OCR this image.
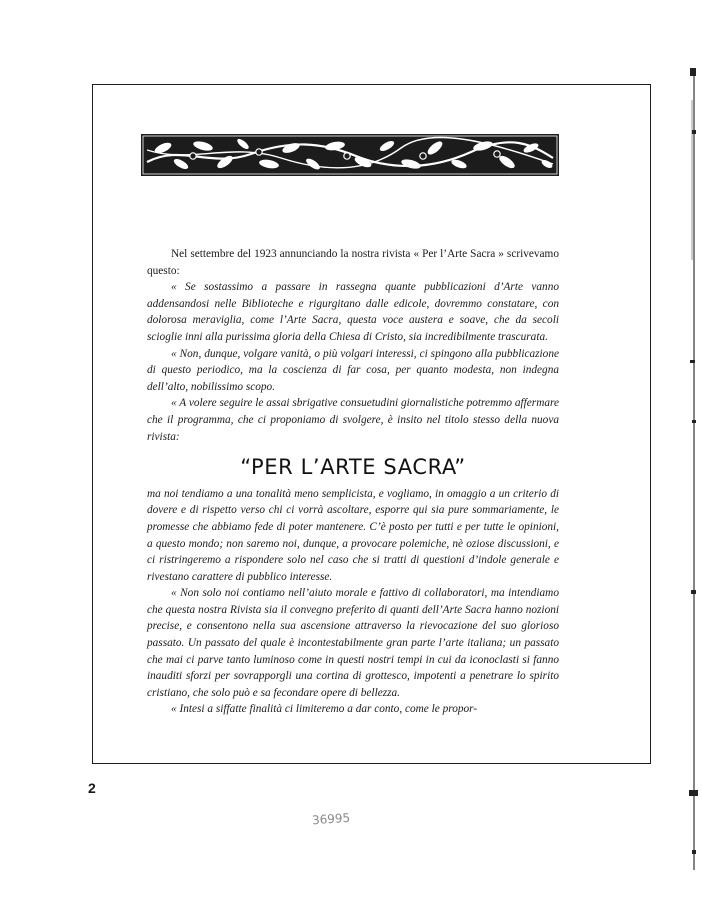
Nel settembre del 1923 annunciando la nostra rivista « Per l’Arte Sacra » scrivevamo questo:

« Se sostassimo a passare in rassegna quante pubblicazioni d’Arte vanno addensandosi nelle Biblioteche e rigurgitano dalle edicole, dovremmo constatare, con dolorosa meraviglia, come l’Arte Sacra, questa voce austera e soave, che da secoli scioglie inni alla purissima gloria della Chiesa di Cristo, sia incredibilmente trascurata.

« Non, dunque, volgare vanità, o più volgari interessi, ci spingono alla pubblicazione di questo periodico, ma la coscienza di far cosa, per quanto modesta, non indegna dell’alto, nobilissimo scopo.

« A volere seguire le assai sbrigative consuetudini giornalistiche potremmo affermare che il programma, che ci proponiamo di svolgere, è insito nel titolo stesso della nuova rivista:

“PER L’ARTE SACRA”

ma noi tendiamo a una tonalità meno semplicista, e vogliamo, in omaggio a un criterio di dovere e di rispetto verso chi ci vorrà ascoltare, esporre qui sia pure sommariamente, le promesse che abbiamo fede di poter mantenere. C’è posto per tutti e per tutte le opinioni, a questo mondo; non saremo noi, dunque, a provocare polemiche, nè oziose discussioni, e ci ristringeremo a rispondere solo nel caso che si tratti di questioni d’indole generale e rivestano carattere di pubblico interesse.

« Non solo noi contiamo nell’aiuto morale e fattivo di collaboratori, ma intendiamo che questa nostra Rivista sia il convegno preferito di quanti dell’Arte Sacra hanno nozioni precise, e consentono nella sua ascensione attraverso la rievocazione del suo glorioso passato. Un passato del quale è incontestabilmente gran parte l’arte italiana; un passato che mai ci parve tanto luminoso come in questi nostri tempi in cui da iconoclasti si fanno inauditi sforzi per sovrapporgli una cortina di grottesco, impotenti a penetrare lo spirito cristiano, che solo può e sa fecondare opere di bellezza.

« Intesi a siffatte finalità ci limiteremo a dar conto, come le propor-

2
36995
